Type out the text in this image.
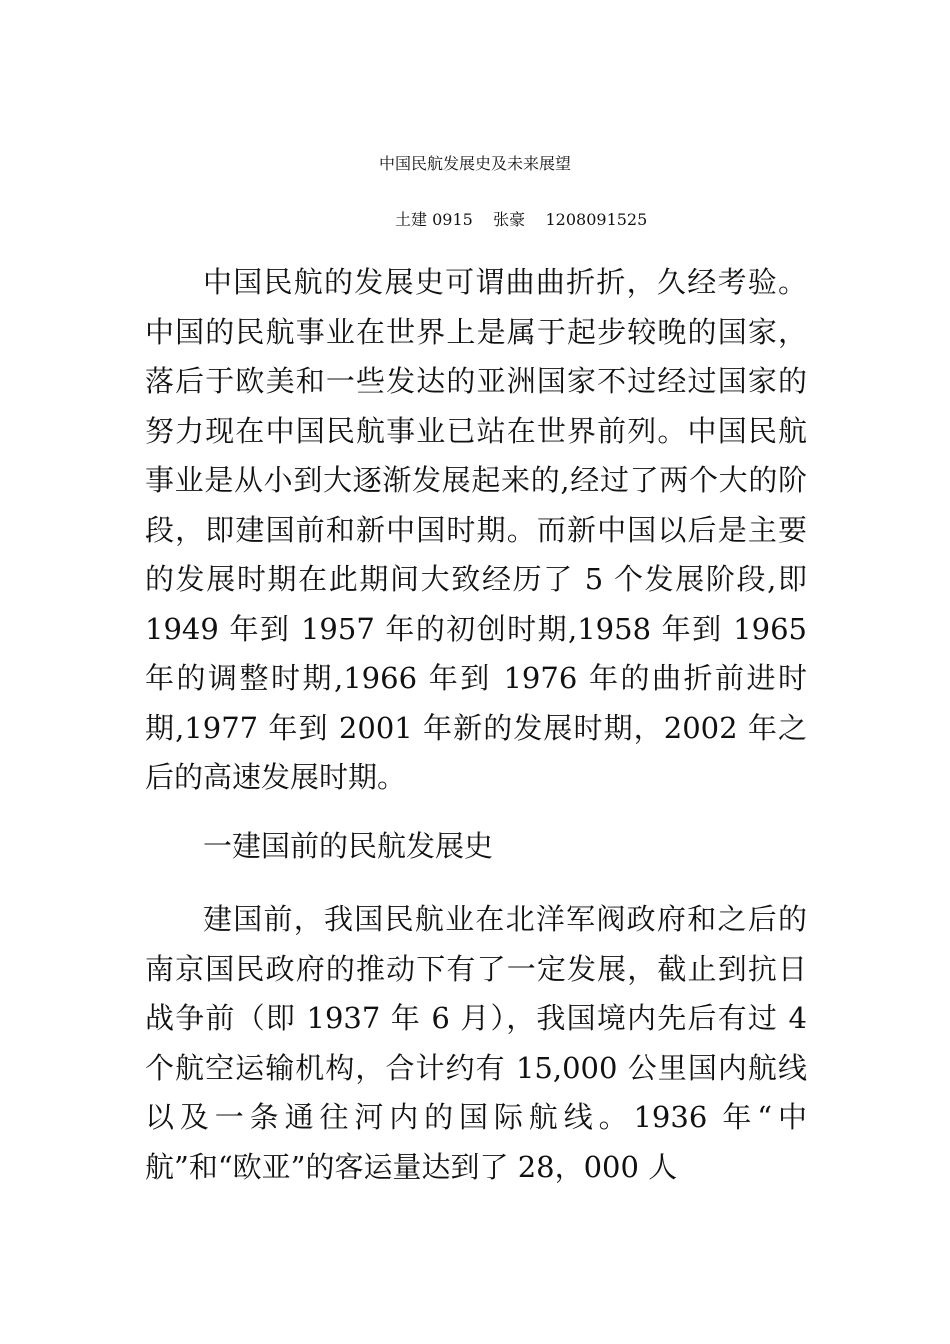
中国民航发展史及未来展望
土建 0915    张豪    1208091525

中国民航的发展史可谓曲曲折折，久经考验。中国的民航事业在世界上是属于起步较晚的国家，落后于欧美和一些发达的亚洲国家不过经过国家的努力现在中国民航事业已站在世界前列。中国民航事业是从小到大逐渐发展起来的,经过了两个大的阶段，即建国前和新中国时期。而新中国以后是主要的发展时期在此期间大致经历了 5 个发展阶段,即 1949 年到 1957 年的初创时期,1958 年到 1965 年的调整时期,1966 年到 1976 年的曲折前进时期,1977 年到 2001 年新的发展时期，2002 年之后的高速发展时期。

一建国前的民航发展史

建国前，我国民航业在北洋军阀政府和之后的南京国民政府的推动下有了一定发展，截止到抗日战争前（即 1937 年 6 月），我国境内先后有过 4 个航空运输机构，合计约有 15,000 公里国内航线以及一条通往河内的国际航线。1936 年“中航”和“欧亚”的客运量达到了 28，000 人
